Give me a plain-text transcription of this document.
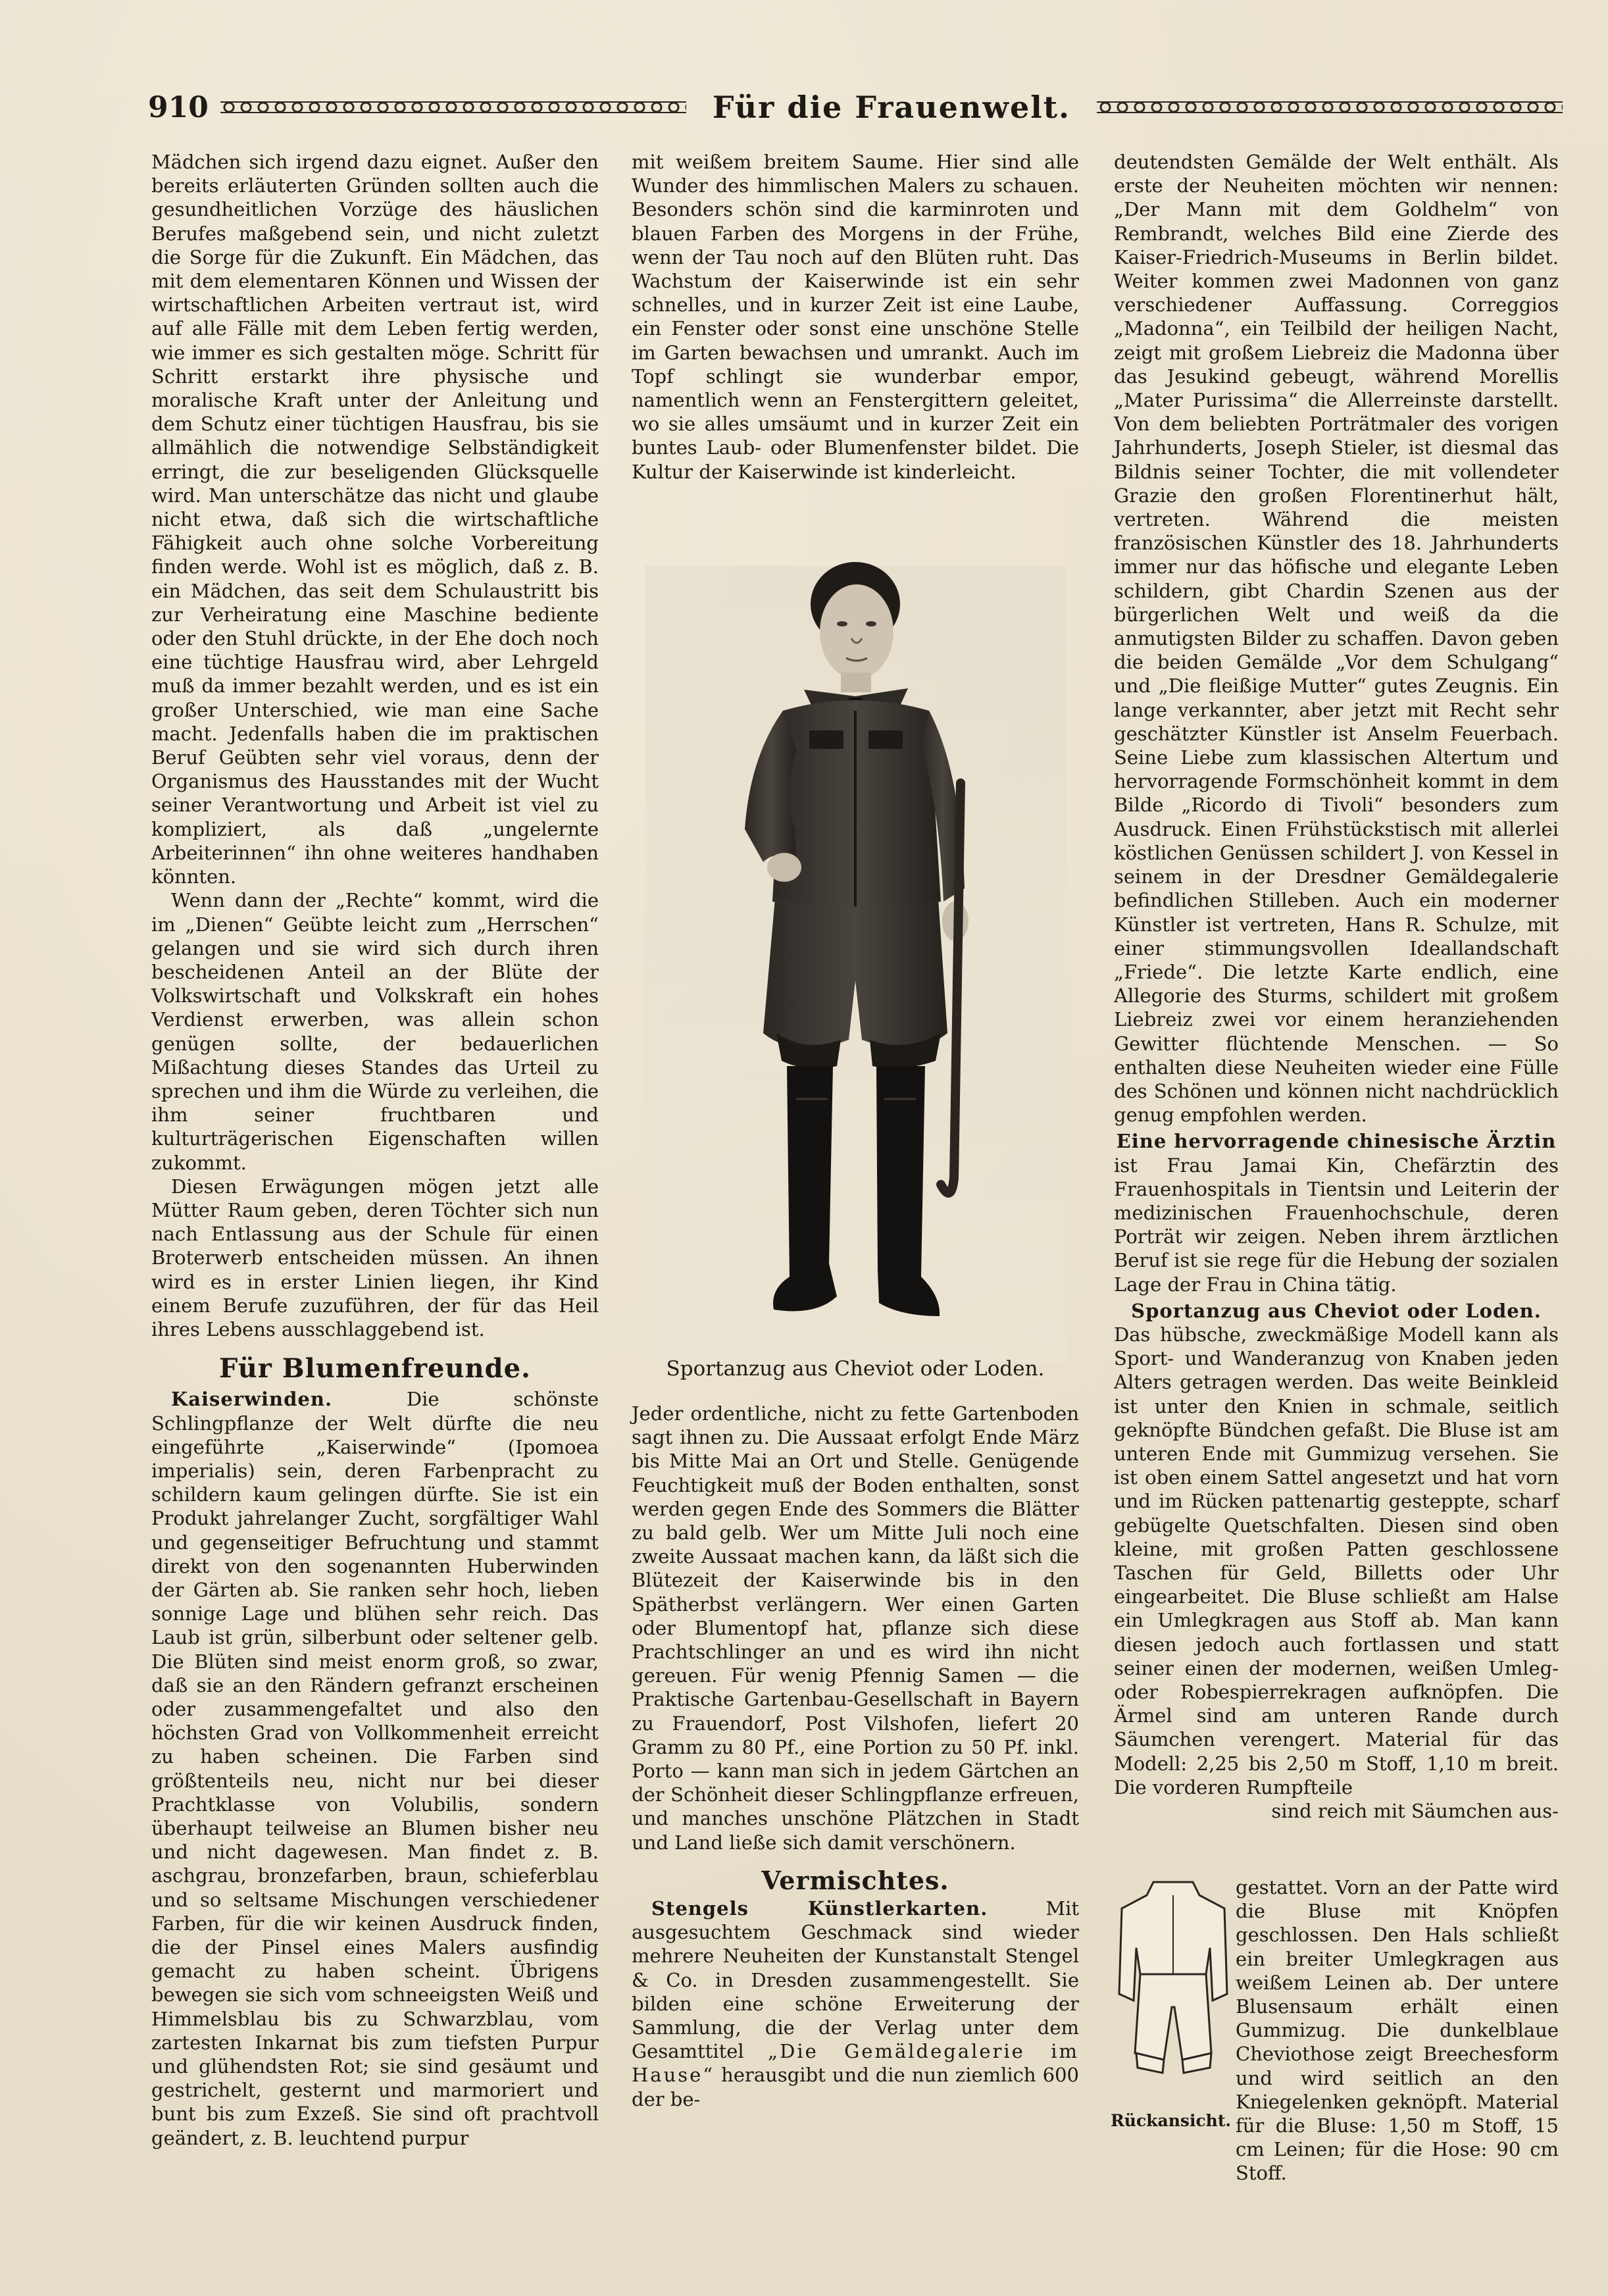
910	Für die Frauenwelt.

Mädchen sich irgend dazu eignet. Außer den bereits erläuterten Gründen sollten auch die gesundheitlichen Vorzüge des häuslichen Berufes maßgebend sein, und nicht zuletzt die Sorge für die Zukunft. Ein Mädchen, das mit dem elementaren Können und Wissen der wirtschaftlichen Arbeiten vertraut ist, wird auf alle Fälle mit dem Leben fertig werden, wie immer es sich gestalten möge. Schritt für Schritt erstarkt ihre physische und moralische Kraft unter der Anleitung und dem Schutz einer tüchtigen Hausfrau, bis sie allmählich die notwendige Selbständigkeit erringt, die zur beseligenden Glücksquelle wird. Man unterschätze das nicht und glaube nicht etwa, daß sich die wirtschaftliche Fähigkeit auch ohne solche Vorbereitung finden werde. Wohl ist es möglich, daß z. B. ein Mädchen, das seit dem Schulaustritt bis zur Verheiratung eine Maschine bediente oder den Stuhl drückte, in der Ehe doch noch eine tüchtige Hausfrau wird, aber Lehrgeld muß da immer bezahlt werden, und es ist ein großer Unterschied, wie man eine Sache macht. Jedenfalls haben die im praktischen Beruf Geübten sehr viel voraus, denn der Organismus des Hausstandes mit der Wucht seiner Verantwortung und Arbeit ist viel zu kompliziert, als daß „ungelernte Arbeiterinnen“ ihn ohne weiteres handhaben könnten.

Wenn dann der „Rechte“ kommt, wird die im „Dienen“ Geübte leicht zum „Herrschen“ gelangen und sie wird sich durch ihren bescheidenen Anteil an der Blüte der Volkswirtschaft und Volkskraft ein hohes Verdienst erwerben, was allein schon genügen sollte, der bedauerlichen Mißachtung dieses Standes das Urteil zu sprechen und ihm die Würde zu verleihen, die ihm seiner fruchtbaren und kulturträgerischen Eigenschaften willen zukommt.

Diesen Erwägungen mögen jetzt alle Mütter Raum geben, deren Töchter sich nun nach Entlassung aus der Schule für einen Broterwerb entscheiden müssen. An ihnen wird es in erster Linien liegen, ihr Kind einem Berufe zuzuführen, der für das Heil ihres Lebens ausschlaggebend ist.

Für Blumenfreunde.

Kaiserwinden.	Die schönste Schlingpflanze der Welt dürfte die neu eingeführte „Kaiserwinde“ (Ipomoea imperialis) sein, deren Farbenpracht zu schildern kaum gelingen dürfte. Sie ist ein Produkt jahrelanger Zucht, sorgfältiger Wahl und gegenseitiger Befruchtung und stammt direkt von den sogenannten Huberwinden der Gärten ab. Sie ranken sehr hoch, lieben sonnige Lage und blühen sehr reich. Das Laub ist grün, silberbunt oder seltener gelb. Die Blüten sind meist enorm groß, so zwar, daß sie an den Rändern gefranzt erscheinen oder zusammengefaltet und also den höchsten Grad von Vollkommenheit erreicht zu haben scheinen. Die Farben sind größtenteils neu, nicht nur bei dieser Prachtklasse von Volubilis, sondern überhaupt teilweise an Blumen bisher neu und nicht dagewesen. Man findet z. B. aschgrau, bronzefarben, braun, schieferblau und so seltsame Mischungen verschiedener Farben, für die wir keinen Ausdruck finden, die der Pinsel eines Malers ausfindig gemacht zu haben scheint. Übrigens bewegen sie sich vom schneeigsten Weiß und Himmelsblau bis zu Schwarzblau, vom zartesten Inkarnat bis zum tiefsten Purpur und glühendsten Rot; sie sind gesäumt und gestrichelt, gesternt und marmoriert und bunt bis zum Exzeß. Sie sind oft prachtvoll geändert, z. B. leuchtend purpur

mit weißem breitem Saume. Hier sind alle Wunder des himmlischen Malers zu schauen. Besonders schön sind die karminroten und blauen Farben des Morgens in der Frühe, wenn der Tau noch auf den Blüten ruht. Das Wachstum der Kaiserwinde ist ein sehr schnelles, und in kurzer Zeit ist eine Laube, ein Fenster oder sonst eine unschöne Stelle im Garten bewachsen und umrankt. Auch im Topf schlingt sie wunderbar empor, namentlich wenn an Fenstergittern geleitet, wo sie alles umsäumt und in kurzer Zeit ein buntes Laub- oder Blumenfenster bildet. Die Kultur der Kaiserwinde ist kinderleicht.

Sportanzug aus Cheviot oder Loden.

Jeder ordentliche, nicht zu fette Gartenboden sagt ihnen zu. Die Aussaat erfolgt Ende März bis Mitte Mai an Ort und Stelle. Genügende Feuchtigkeit muß der Boden enthalten, sonst werden gegen Ende des Sommers die Blätter zu bald gelb. Wer um Mitte Juli noch eine zweite Aussaat machen kann, da läßt sich die Blütezeit der Kaiserwinde bis in den Spätherbst verlängern. Wer einen Garten oder Blumentopf hat, pflanze sich diese Prachtschlinger an und es wird ihn nicht gereuen. Für wenig Pfennig Samen — die Praktische Gartenbau-Gesellschaft in Bayern zu Frauendorf, Post Vilshofen, liefert 20 Gramm zu 80 Pf., eine Portion zu 50 Pf. inkl. Porto — kann man sich in jedem Gärtchen an der Schönheit dieser Schlingpflanze erfreuen, und manches unschöne Plätzchen in Stadt und Land ließe sich damit verschönern.

Vermischtes.

Stengels Künstlerkarten.	Mit ausgesuchtem Geschmack sind wieder mehrere Neuheiten der Kunstanstalt Stengel & Co. in Dresden zusammengestellt. Sie bilden eine schöne Erweiterung der Sammlung, die der Verlag unter dem Gesamttitel „Die Gemäldegalerie im Hause“ herausgibt und die nun ziemlich 600 der be-

deutendsten Gemälde der Welt enthält. Als erste der Neuheiten möchten wir nennen: „Der Mann mit dem Goldhelm“ von Rembrandt, welches Bild eine Zierde des Kaiser-Friedrich-Museums in Berlin bildet. Weiter kommen zwei Madonnen von ganz verschiedener Auffassung. Correggios „Madonna“, ein Teilbild der heiligen Nacht, zeigt mit großem Liebreiz die Madonna über das Jesukind gebeugt, während Morellis „Mater Purissima“ die Allerreinste darstellt. Von dem beliebten Porträtmaler des vorigen Jahrhunderts, Joseph Stieler, ist diesmal das Bildnis seiner Tochter, die mit vollendeter Grazie den großen Florentinerhut hält, vertreten. Während die meisten französischen Künstler des 18. Jahrhunderts immer nur das höfische und elegante Leben schildern, gibt Chardin Szenen aus der bürgerlichen Welt und weiß da die anmutigsten Bilder zu schaffen. Davon geben die beiden Gemälde „Vor dem Schulgang“ und „Die fleißige Mutter“ gutes Zeugnis. Ein lange verkannter, aber jetzt mit Recht sehr geschätzter Künstler ist Anselm Feuerbach. Seine Liebe zum klassischen Altertum und hervorragende Formschönheit kommt in dem Bilde „Ricordo di Tivoli“ besonders zum Ausdruck. Einen Frühstückstisch mit allerlei köstlichen Genüssen schildert J. von Kessel in seinem in der Dresdner Gemäldegalerie befindlichen Stilleben. Auch ein moderner Künstler ist vertreten, Hans R. Schulze, mit einer stimmungsvollen Ideallandschaft „Friede“. Die letzte Karte endlich, eine Allegorie des Sturms, schildert mit großem Liebreiz zwei vor einem heranziehenden Gewitter flüchtende Menschen. — So enthalten diese Neuheiten wieder eine Fülle des Schönen und können nicht nachdrücklich genug empfohlen werden.

Eine hervorragende chinesische Ärztin

ist Frau Jamai Kin, Chefärztin des Frauenhospitals in Tientsin und Leiterin der medizinischen Frauenhochschule, deren Porträt wir zeigen. Neben ihrem ärztlichen Beruf ist sie rege für die Hebung der sozialen Lage der Frau in China tätig.

Sportanzug aus Cheviot oder Loden.

Das hübsche, zweckmäßige Modell kann als Sport- und Wanderanzug von Knaben jeden Alters getragen werden. Das weite Beinkleid ist unter den Knien in schmale, seitlich geknöpfte Bündchen gefaßt. Die Bluse ist am unteren Ende mit Gummizug versehen. Sie ist oben einem Sattel angesetzt und hat vorn und im Rücken pattenartig gesteppte, scharf gebügelte Quetschfalten. Diesen sind oben kleine, mit großen Patten geschlossene Taschen für Geld, Billetts oder Uhr eingearbeitet. Die Bluse schließt am Halse ein Umlegkragen aus Stoff ab. Man kann diesen jedoch auch fortlassen und statt seiner einen der modernen, weißen Umleg- oder Robespierrekragen aufknöpfen. Die Ärmel sind am unteren Rande durch Säumchen verengert. Material für das Modell: 2,25 bis 2,50 m Stoff, 1,10 m breit. Die vorderen Rumpfteile

sind reich mit Säumchen aus-

Rückansicht.

gestattet. Vorn an der Patte wird die Bluse mit Knöpfen geschlossen. Den Hals schließt ein breiter Umlegkragen aus weißem Leinen ab. Der untere Blusensaum erhält einen Gummizug. Die dunkelblaue Cheviothose zeigt Breechesform und wird seitlich an den Kniegelenken geknöpft. Material für die Bluse: 1,50 m Stoff, 15 cm Leinen; für die Hose: 90 cm Stoff.
